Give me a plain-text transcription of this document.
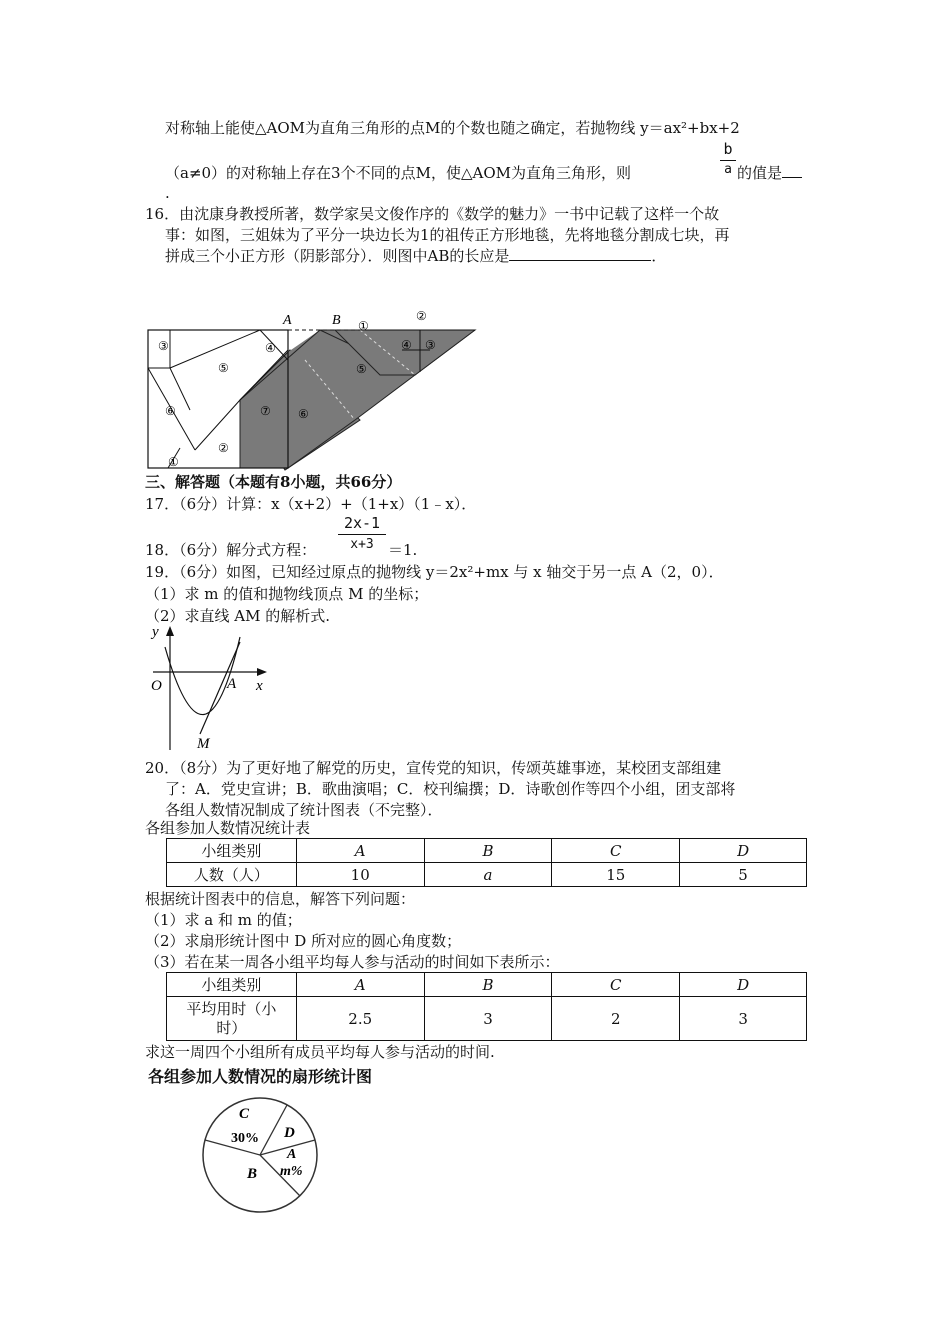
对称轴上能使△AOM为直角三角形的点M的个数也随之确定，若抛物线 y＝ax²+bx+2
b
a
（a≠0）的对称轴上存在3个不同的点M，使△AOM为直角三角形，则	的值是
.
16．由沈康身教授所著，数学家吴文俊作序的《数学的魅力》一书中记载了这样一个故
事：如图，三姐妹为了平分一块边长为1的祖传正方形地毯，先将地毯分割成七块，再
拼成三个小正方形（阴影部分）．则图中AB的长应是	．
A	B
③
⑤
④
⑥
②
①
⑦ ⑥
⑤
①
②
④ ③
三、解答题（本题有8小题，共66分）
17．（6分）计算：x（x+2）+（1+x）（1﹣x）．
18．（6分）解分式方程：
2x-1
x+3 ＝1.
19．（6分）如图，已知经过原点的抛物线 y＝2x²+mx 与 x 轴交于另一点 A（2，0）．
（1）求 m 的值和抛物线顶点 M 的坐标；
（2）求直线 AM 的解析式.
y
x
O	A
M
20．（8分）为了更好地了解党的历史，宣传党的知识，传颂英雄事迹，某校团支部组建
了：A．党史宣讲；B．歌曲演唱；C．校刊编撰；D．诗歌创作等四个小组，团支部将
各组人数情况制成了统计图表（不完整）．
各组参加人数情况统计表
小组类别	A	B	C	D
人数（人）	10	a	15	5
根据统计图表中的信息，解答下列问题：
（1）求 a 和 m 的值；
（2）求扇形统计图中 D 所对应的圆心角度数；
（3）若在某一周各小组平均每人参与活动的时间如下表所示：
小组类别	A	B	C	D
平均用时（小
时）	2.5	3	2	3
求这一周四个小组所有成员平均每人参与活动的时间.
各组参加人数情况的扇形统计图
C
30% D
A
m%
B
